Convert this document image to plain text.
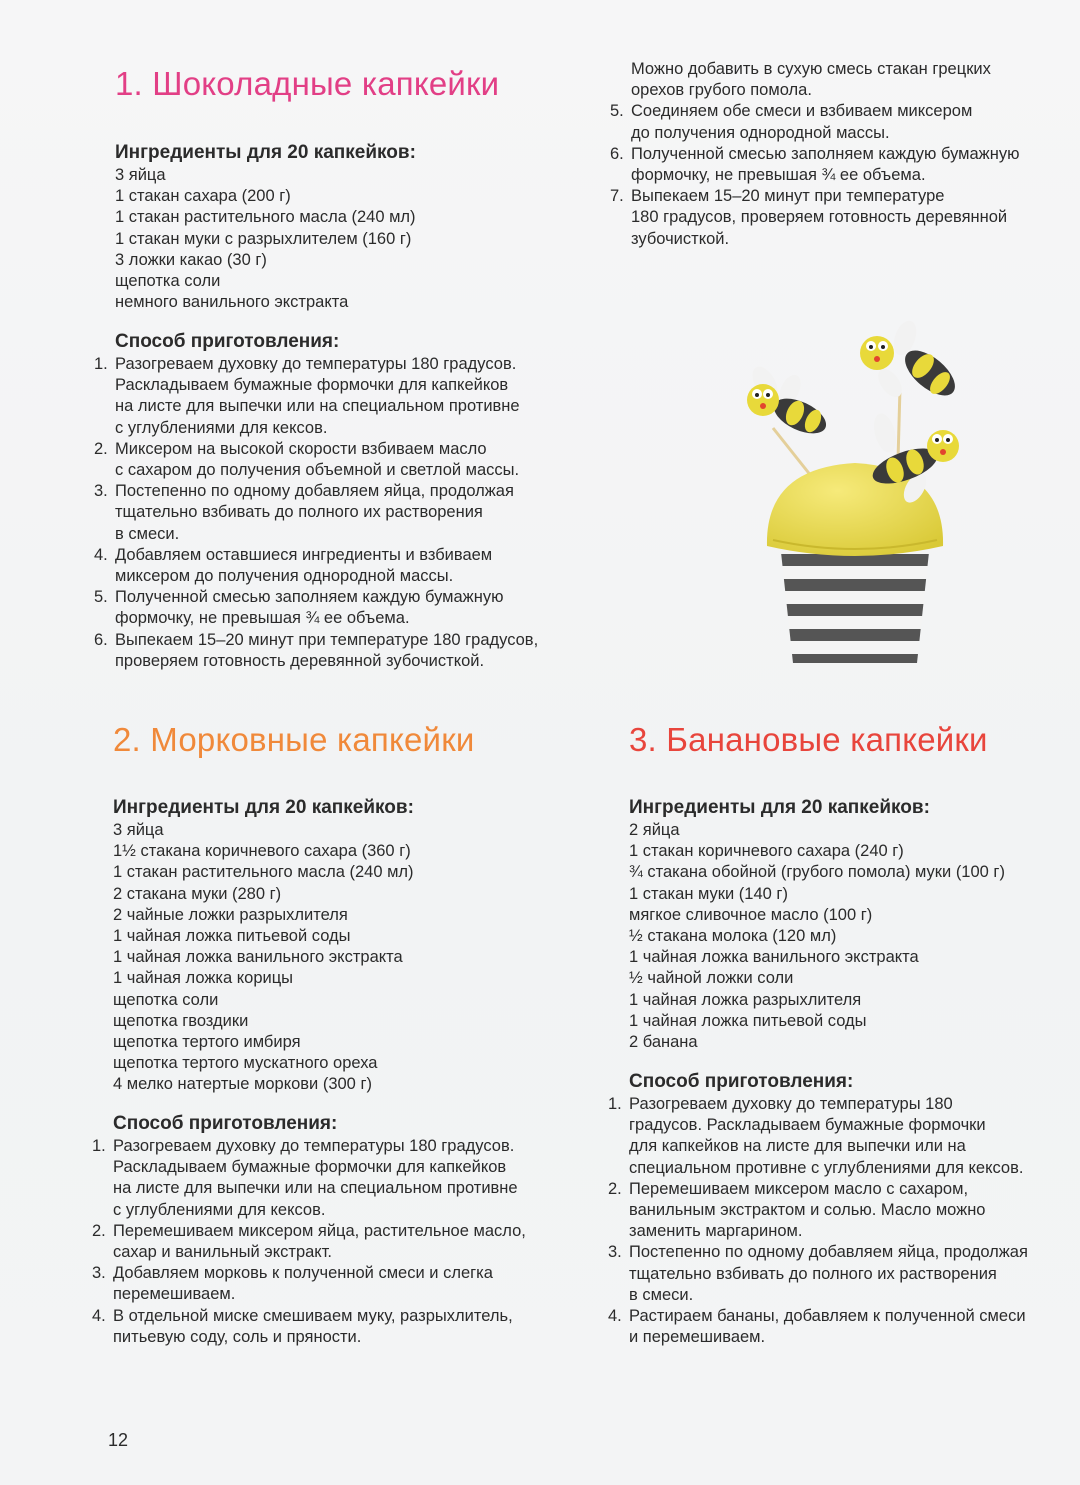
1. Шоколадные капкейки

Ингредиенты для 20 капкейков:

3 яйца
1 стакан сахара (200 г)
1 стакан растительного масла (240 мл)
1 стакан муки с разрыхлителем (160 г)
3 ложки какао (30 г)
щепотка соли
немного ванильного экстракта

Способ приготовления:

1. Разогреваем духовку до температуры 180 градусов.
Раскладываем бумажные формочки для капкейков
на листе для выпечки или на специальном противне
с углублениями для кексов.
2. Миксером на высокой скорости взбиваем масло
с сахаром до получения объемной и светлой массы.
3. Постепенно по одному добавляем яйца, продолжая
тщательно взбивать до полного их растворения
в смеси.
4. Добавляем оставшиеся ингредиенты и взбиваем
миксером до получения однородной массы.
5. Полученной смесью заполняем каждую бумажную
формочку, не превышая ¾ ее объема.
6. Выпекаем 15–20 минут при температуре 180 градусов,
проверяем готовность деревянной зубочисткой.
Можно добавить в сухую смесь стакан грецких
орехов грубого помола.
5. Соединяем обе смеси и взбиваем миксером
до получения однородной массы.
6. Полученной смесью заполняем каждую бумажную
формочку, не превышая ¾ ее объема.
7. Выпекаем 15–20 минут при температуре
180 градусов, проверяем готовность деревянной
зубочисткой.
2. Морковные капкейки

Ингредиенты для 20 капкейков:

3 яйца
1½ стакана коричневого сахара (360 г)
1 стакан растительного масла (240 мл)
2 стакана муки (280 г)
2 чайные ложки разрыхлителя
1 чайная ложка питьевой соды
1 чайная ложка ванильного экстракта
1 чайная ложка корицы
щепотка соли
щепотка гвоздики
щепотка тертого имбиря
щепотка тертого мускатного ореха
4 мелко натертые моркови (300 г)

Способ приготовления:

1. Разогреваем духовку до температуры 180 градусов.
Раскладываем бумажные формочки для капкейков
на листе для выпечки или на специальном противне
с углублениями для кексов.
2. Перемешиваем миксером яйца, растительное масло,
сахар и ванильный экстракт.
3. Добавляем морковь к полученной смеси и слегка
перемешиваем.
4. В отдельной миске смешиваем муку, разрыхлитель,
питьевую соду, соль и пряности.
3. Банановые капкейки

Ингредиенты для 20 капкейков:

2 яйца
1 стакан коричневого сахара (240 г)
¾ стакана обойной (грубого помола) муки (100 г)
1 стакан муки (140 г)
мягкое сливочное масло (100 г)
½ стакана молока (120 мл)
1 чайная ложка ванильного экстракта
½ чайной ложки соли
1 чайная ложка разрыхлителя
1 чайная ложка питьевой соды
2 банана

Способ приготовления:

1. Разогреваем духовку до температуры 180
градусов. Раскладываем бумажные формочки
для капкейков на листе для выпечки или на
специальном противне с углублениями для кексов.
2. Перемешиваем миксером масло с сахаром,
ванильным экстрактом и солью. Масло можно
заменить маргарином.
3. Постепенно по одному добавляем яйца, продолжая
тщательно взбивать до полного их растворения
в смеси.
4. Растираем бананы, добавляем к полученной смеси
и перемешиваем.
12
